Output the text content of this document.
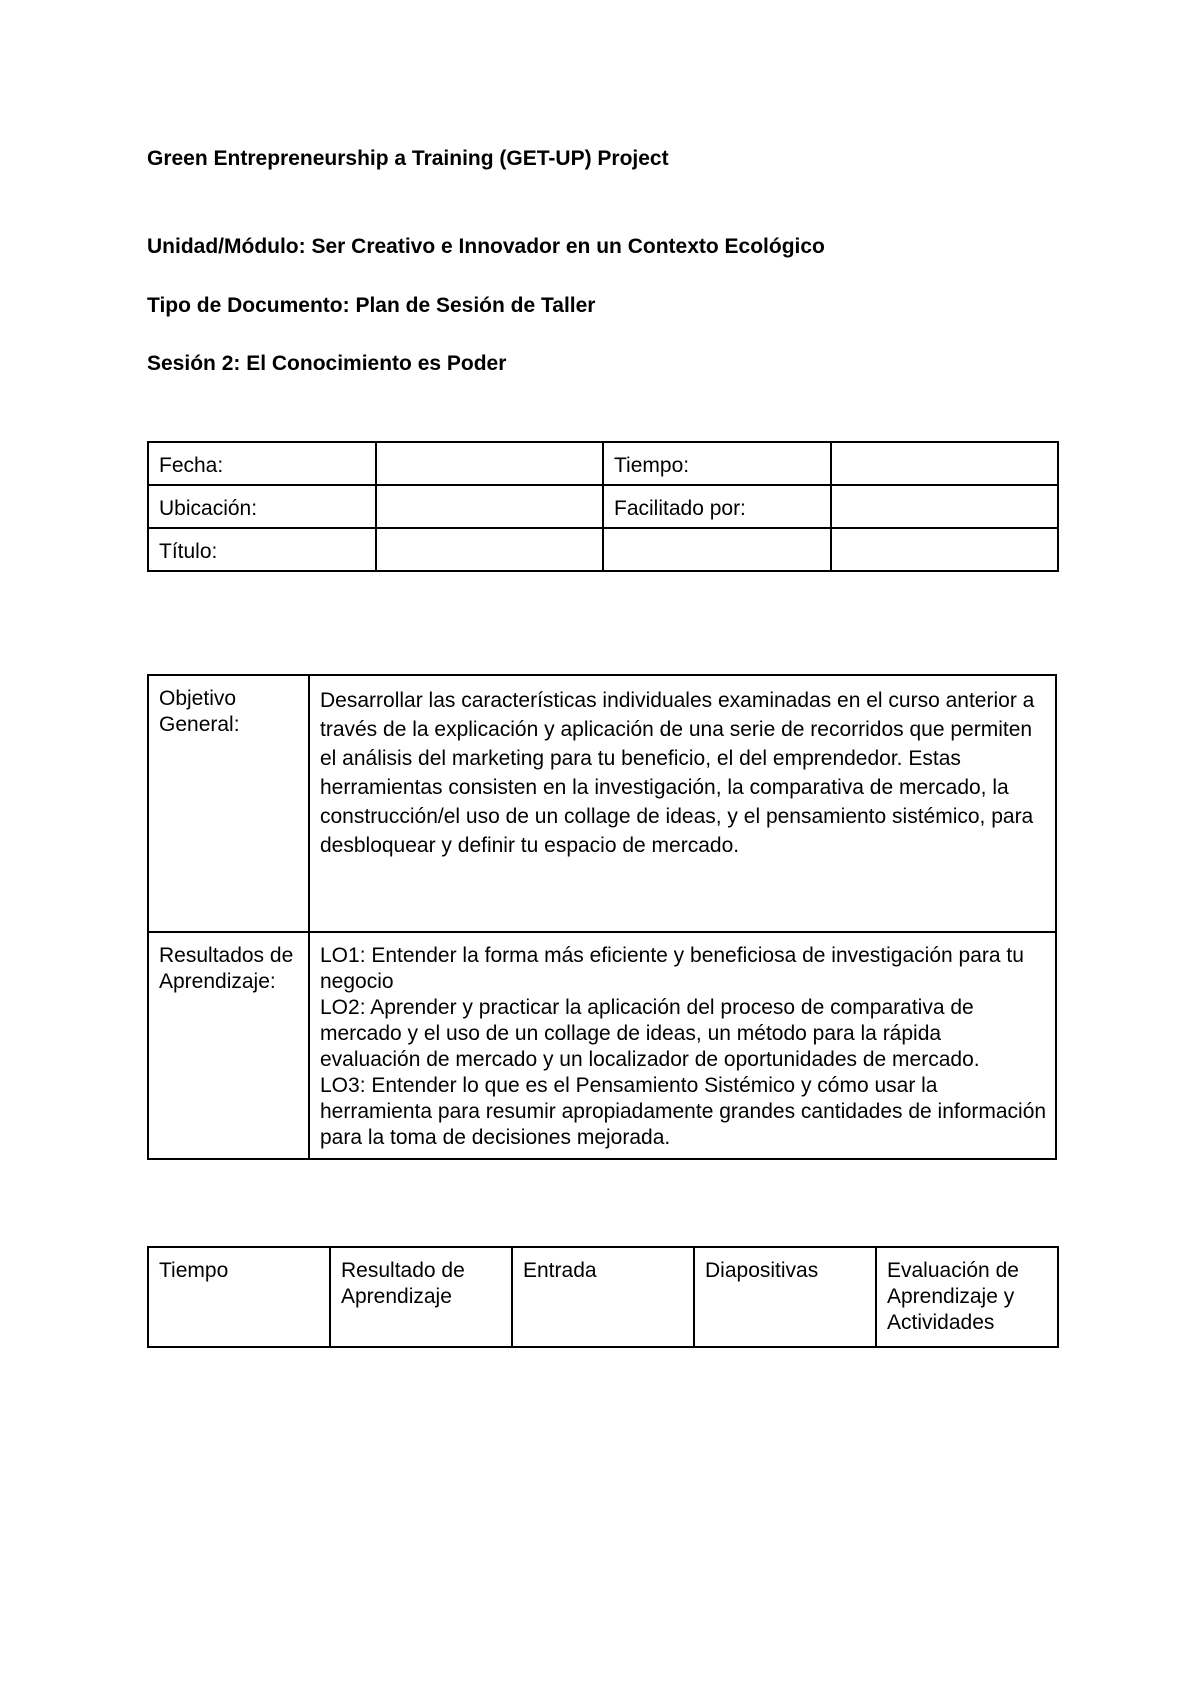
Green Entrepreneurship a Training (GET-UP) Project
Unidad/Módulo: Ser Creativo e Innovador en un Contexto Ecológico
Tipo de Documento: Plan de Sesión de Taller
Sesión 2: El Conocimiento es Poder
Fecha:		Tiempo:	
Ubicación:		Facilitado por:	
Título:			
Objetivo General:	Desarrollar las características individuales examinadas en el curso anterior a través de la explicación y aplicación de una serie de recorridos que permiten el análisis del marketing para tu beneficio, el del emprendedor. Estas herramientas consisten en la investigación, la comparativa de mercado, la construcción/el uso de un collage de ideas, y el pensamiento sistémico, para desbloquear y definir tu espacio de mercado.
Resultados de Aprendizaje:	LO1: Entender la forma más eficiente y beneficiosa de investigación para tu negocio
LO2: Aprender y practicar la aplicación del proceso de comparativa de mercado y el uso de un collage de ideas, un método para la rápida evaluación de mercado y un localizador de oportunidades de mercado.
LO3: Entender lo que es el Pensamiento Sistémico y cómo usar la herramienta para resumir apropiadamente grandes cantidades de información para la toma de decisiones mejorada.
Tiempo	Resultado de Aprendizaje	Entrada	Diapositivas	Evaluación de Aprendizaje y Actividades
